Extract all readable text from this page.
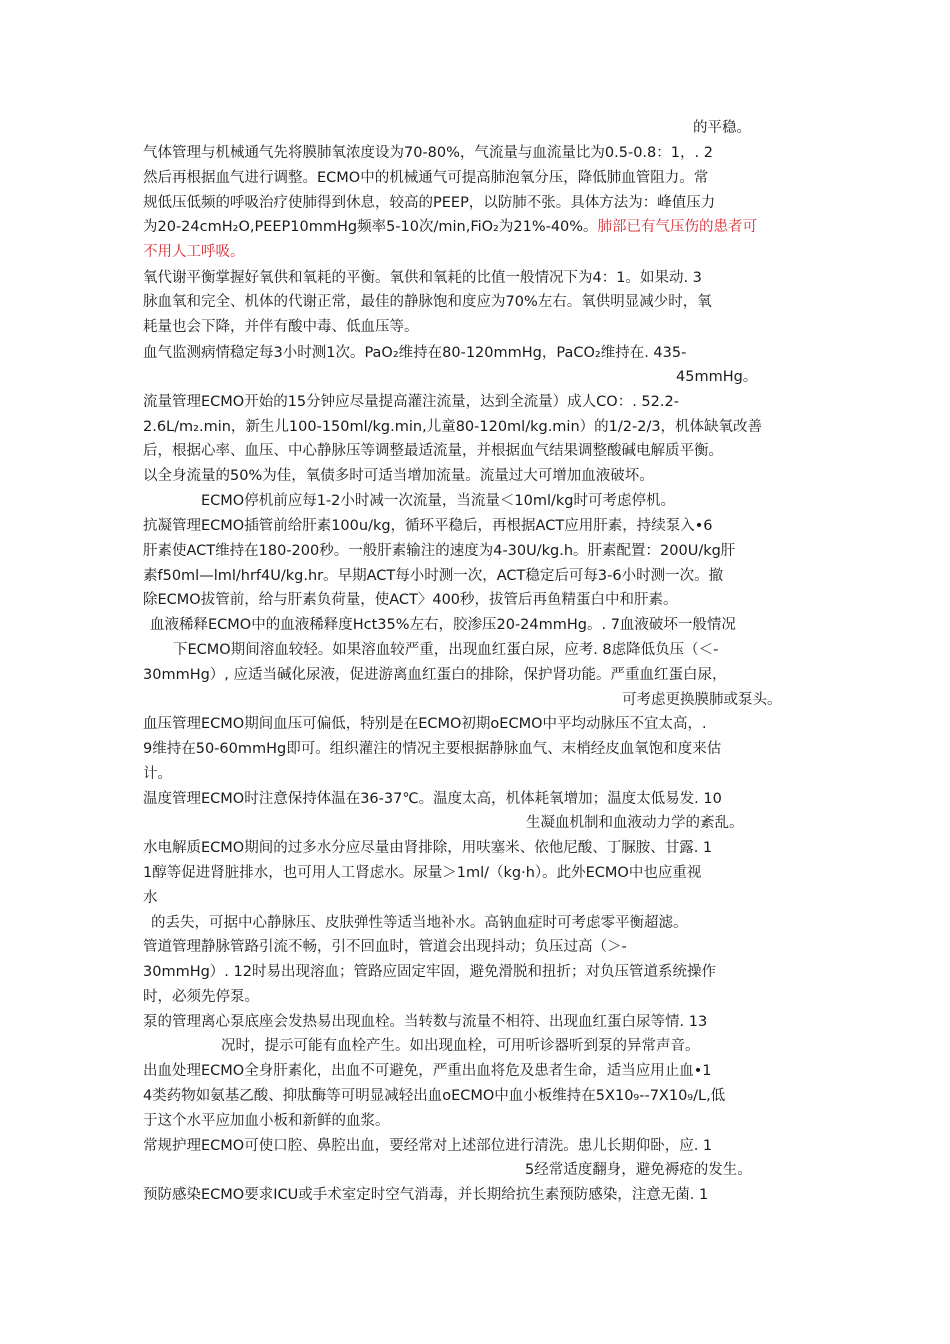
的平稳。
气体管理与机械通气先将膜肺氧浓度设为70-80%，气流量与血流量比为0.5-0.8：1，. 2
然后再根据血气进行调整。ECMO中的机械通气可提高肺泡氧分压，降低肺血管阻力。常
规低压低频的呼吸治疗使肺得到休息，较高的PEEP，以防肺不张。具体方法为：峰值压力
为20-24cmH₂O,PEEP10mmHg频率5-10次/min,FiO₂为21%-40%。肺部已有气压伤的患者可
不用人工呼吸。
氧代谢平衡掌握好氧供和氧耗的平衡。氧供和氧耗的比值一般情况下为4：1。如果动. 3
脉血氧和完全、机体的代谢正常，最佳的静脉饱和度应为70%左右。氧供明显减少时，氧
耗量也会下降，并伴有酸中毒、低血压等。
血气监测病情稳定每3小时测1次。PaO₂维持在80-120mmHg，PaCO₂维持在. 435-
45mmHg。
流量管理ECMO开始的15分钟应尽量提高灌注流量，达到全流量）成人CO：. 52.2-
2.6L/m₂.min，新生儿100-150ml/kg.min,儿童80-120ml/kg.min）的1/2-2/3，机体缺氧改善
后，根据心率、血压、中心静脉压等调整最适流量，并根据血气结果调整酸碱电解质平衡。
以全身流量的50%为佳，氧债多时可适当增加流量。流量过大可增加血液破坏。
ECMO停机前应每1-2小时减一次流量，当流量＜10ml/kg时可考虑停机。
抗凝管理ECMO插管前给肝素100u/kg，循环平稳后，再根据ACT应用肝素，持续泵入•6
肝素使ACT维持在180-200秒。一般肝素输注的速度为4-30U/kg.h。肝素配置：200U/kg肝
素f50ml—lml/hrf4U/kg.hr。早期ACT每小时测一次，ACT稳定后可每3-6小时测一次。撤
除ECMO拔管前，给与肝素负荷量，使ACT〉400秒，拔管后再鱼精蛋白中和肝素。
血液稀释ECMO中的血液稀释度Hct35%左右，胶渗压20-24mmHg。. 7血液破坏一般情况
下ECMO期间溶血较轻。如果溶血较严重，出现血红蛋白尿，应考. 8虑降低负压（＜-
30mmHg）, 应适当碱化尿液，促进游离血红蛋白的排除，保护肾功能。严重血红蛋白尿，
可考虑更换膜肺或泵头。
血压管理ECMO期间血压可偏低，特别是在ECMO初期oECMO中平均动脉压不宜太高，.
9维持在50-60mmHg即可。组织灌注的情况主要根据静脉血气、末梢经皮血氧饱和度来估
计。
温度管理ECMO时注意保持体温在36-37℃。温度太高，机体耗氧增加；温度太低易发. 10
生凝血机制和血液动力学的紊乱。
水电解质ECMO期间的过多水分应尽量由肾排除，用呋塞米、依他尼酸、丁脲胺、甘露. 1
1醇等促进肾脏排水，也可用人工肾虑水。尿量＞1ml/（kg·h）。此外ECMO中也应重视
水
的丢失，可据中心静脉压、皮肤弹性等适当地补水。高钠血症时可考虑零平衡超滤。
管道管理静脉管路引流不畅，引不回血时，管道会出现抖动；负压过高（＞-
30mmHg）. 12时易出现溶血；管路应固定牢固，避免滑脱和扭折；对负压管道系统操作
时，必须先停泵。
泵的管理离心泵底座会发热易出现血栓。当转数与流量不相符、出现血红蛋白尿等情. 13
况时，提示可能有血栓产生。如出现血栓，可用听诊器听到泵的异常声音。
出血处理ECMO全身肝素化，出血不可避免，严重出血将危及患者生命，适当应用止血•1
4类药物如氨基乙酸、抑肽酶等可明显减轻出血oECMO中血小板维持在5X10₉--7X10₉/L,低
于这个水平应加血小板和新鲜的血浆。
常规护理ECMO可使口腔、鼻腔出血，要经常对上述部位进行清洗。患儿长期仰卧，应. 1
5经常适度翻身，避免褥疮的发生。
预防感染ECMO要求ICU或手术室定时空气消毒，并长期给抗生素预防感染，注意无菌. 1
